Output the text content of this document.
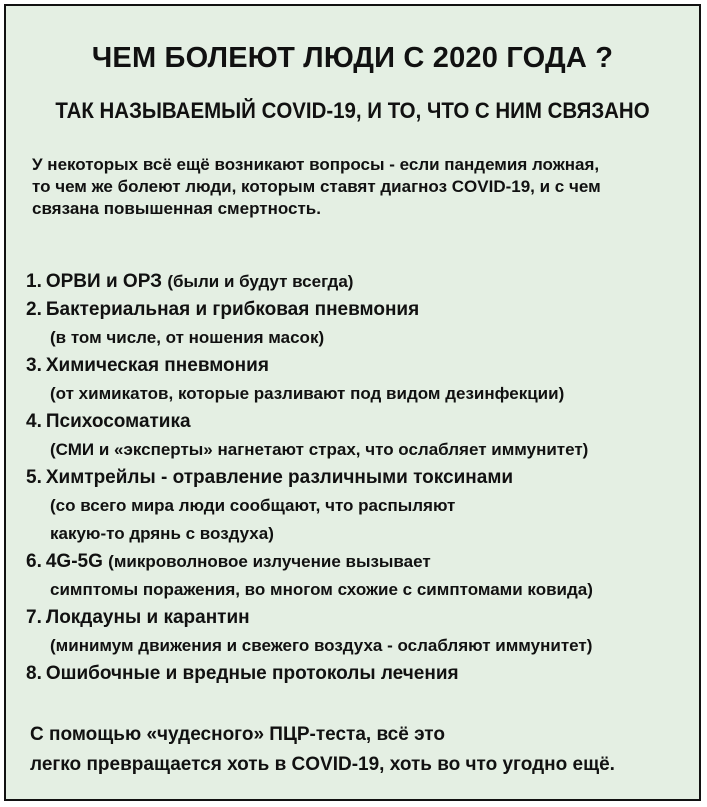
ЧЕМ БОЛЕЮТ ЛЮДИ С 2020 ГОДА ?
ТАК НАЗЫВАЕМЫЙ COVID-19, И ТО, ЧТО С НИМ СВЯЗАНО
У некоторых всё ещё возникают вопросы - если пандемия ложная,
то чем же болеют люди, которым ставят диагноз COVID-19, и с чем
связана повышенная смертность.
1. ОРВИ и ОРЗ (были и будут всегда)
2. Бактериальная и грибковая пневмония
(в том числе, от ношения масок)
3. Химическая пневмония
(от химикатов, которые разливают под видом дезинфекции)
4. Психосоматика
(СМИ и «эксперты» нагнетают страх, что ослабляет иммунитет)
5. Химтрейлы - отравление различными токсинами
(со всего мира люди сообщают, что распыляют
какую-то дрянь с воздуха)
6. 4G-5G (микроволновое излучение вызывает
симптомы поражения, во многом схожие с симптомами ковида)
7. Локдауны и карантин
(минимум движения и свежего воздуха - ослабляют иммунитет)
8. Ошибочные и вредные протоколы лечения
С помощью «чудесного» ПЦР-теста, всё это
легко превращается хоть в COVID-19, хоть во что угодно ещё.
